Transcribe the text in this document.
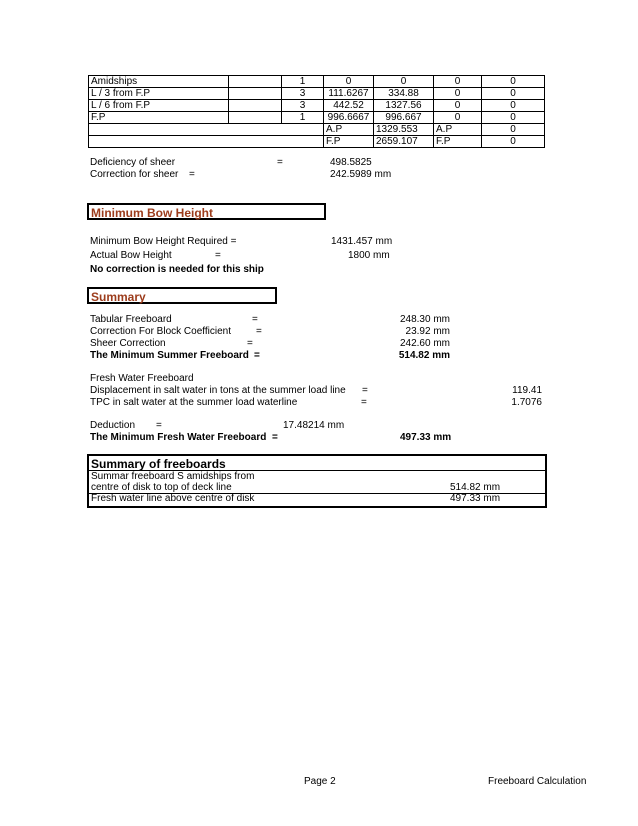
Amidships		1	0	0	0	0
L / 3 from F.P		3	111.6267	334.88	0	0
L / 6 from F.P		3	442.52	1327.56	0	0
F.P		1	996.6667	996.667	0	0
			A.P	1329.553	A.P	0
			F.P	2659.107	F.P	0
Deficiency of sheer	=	498.5825
Correction for sheer =	242.5989 mm
Minimum Bow Height
Minimum Bow Height Required =	1431.457 mm
Actual Bow Height	=	1800 mm
No correction is needed for this ship
Summary
Tabular Freeboard	=	248.30 mm
Correction For Block Coefficient	=	23.92 mm
Sheer Correction	=	242.60 mm
The Minimum Summer Freeboard =	514.82 mm
Fresh Water Freeboard
Displacement in salt water in tons at the summer load line =	119.41
TPC in salt water at the summer load waterline	=	1.7076
Deduction =	17.48214 mm
The Minimum Fresh Water Freeboard =	497.33 mm
Summary of freeboards
Summar freeboard S amidships from
centre of disk to top of deck line	514.82 mm
Fresh water line above centre of disk	497.33 mm
Page 2	Freeboard Calculation
